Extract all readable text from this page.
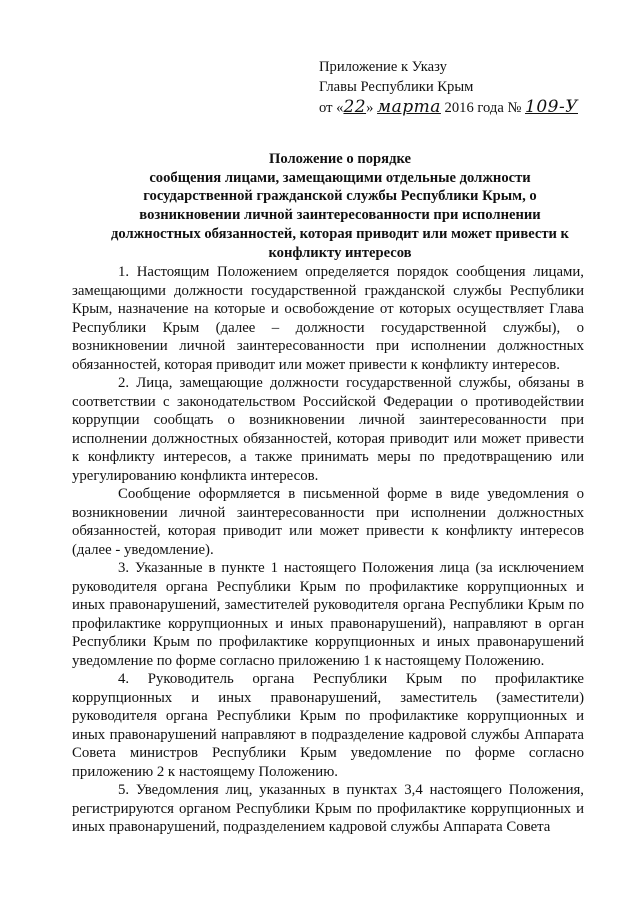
Приложение к Указу
Главы Республики Крым
от «22» марта 2016 года № 109-У
Положение о порядке
сообщения лицами, замещающими отдельные должности
государственной гражданской службы Республики Крым, о
возникновении личной заинтересованности при исполнении
должностных обязанностей, которая приводит или может привести к
конфликту интересов

1. Настоящим Положением определяется порядок сообщения лицами, замещающими должности государственной гражданской службы Республики Крым, назначение на которые и освобождение от которых осуществляет Глава Республики Крым (далее – должности государственной службы), о возникновении личной заинтересованности при исполнении должностных обязанностей, которая приводит или может привести к конфликту интересов.

2. Лица, замещающие должности государственной службы, обязаны в соответствии с законодательством Российской Федерации о противодействии коррупции сообщать о возникновении личной заинтересованности при исполнении должностных обязанностей, которая приводит или может привести к конфликту интересов, а также принимать меры по предотвращению или урегулированию конфликта интересов.

Сообщение оформляется в письменной форме в виде уведомления о возникновении личной заинтересованности при исполнении должностных обязанностей, которая приводит или может привести к конфликту интересов (далее - уведомление).

3. Указанные в пункте 1 настоящего Положения лица (за исключением руководителя органа Республики Крым по профилактике коррупционных и иных правонарушений, заместителей руководителя органа Республики Крым по профилактике коррупционных и иных правонарушений), направляют в орган Республики Крым по профилактике коррупционных и иных правонарушений уведомление по форме согласно приложению 1 к настоящему Положению.

4. Руководитель органа Республики Крым по профилактике коррупционных и иных правонарушений, заместитель (заместители) руководителя органа Республики Крым по профилактике коррупционных и иных правонарушений направляют в подразделение кадровой службы Аппарата Совета министров Республики Крым уведомление по форме согласно приложению 2 к настоящему Положению.

5. Уведомления лиц, указанных в пунктах 3,4 настоящего Положения, регистрируются органом Республики Крым по профилактике коррупционных и иных правонарушений, подразделением кадровой службы Аппарата Совета
